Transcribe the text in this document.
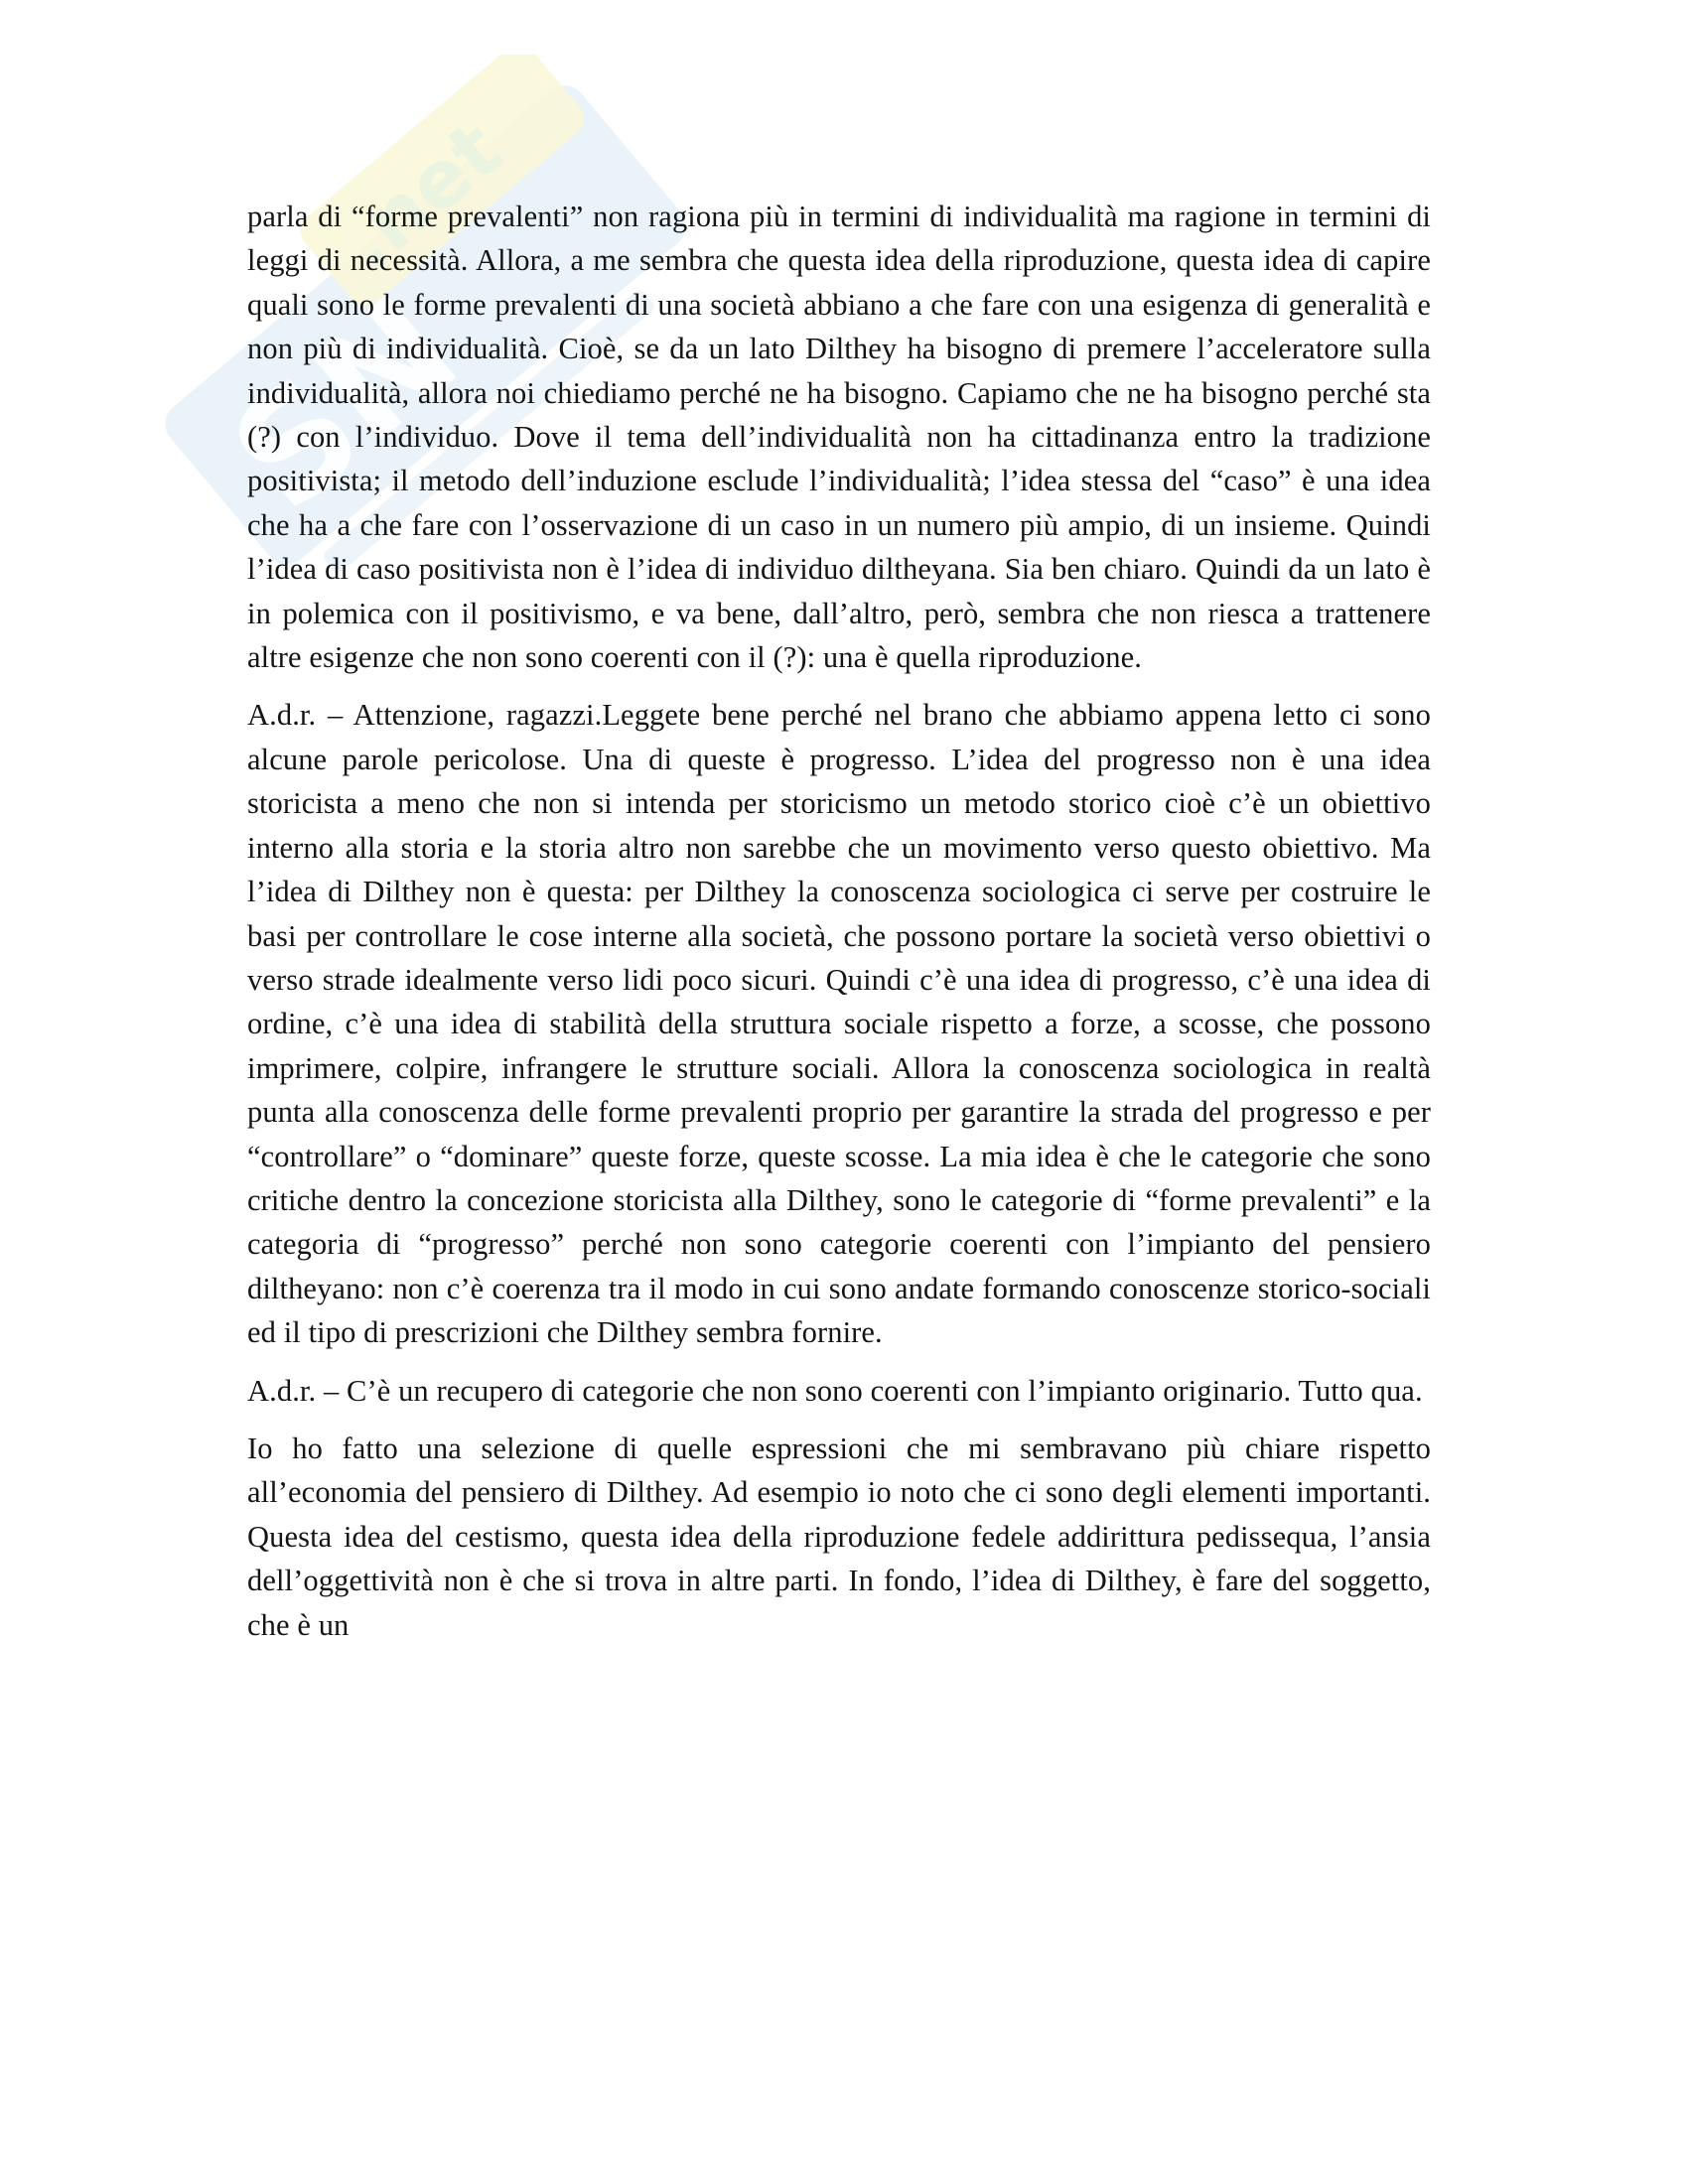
SN
.net

parla di “forme prevalenti” non ragiona più in termini di individualità ma ragione in termini di leggi di necessità. Allora, a me sembra che questa idea della riproduzione, questa idea di capire quali sono le forme prevalenti di una società abbiano a che fare con una esigenza di generalità e non più di individualità. Cioè, se da un lato Dilthey ha bisogno di premere l’acceleratore sulla individualità, allora noi chiediamo perché ne ha bisogno. Capiamo che ne ha bisogno perché sta (?) con l’individuo. Dove il tema dell’individualità non ha cittadinanza entro la tradizione positivista; il metodo dell’induzione esclude l’individualità; l’idea stessa del “caso” è una idea che ha a che fare con l’osservazione di un caso in un numero più ampio, di un insieme. Quindi l’idea di caso positivista non è l’idea di individuo diltheyana. Sia ben chiaro. Quindi da un lato è in polemica con il positivismo, e va bene, dall’altro, però, sembra che non riesca a trattenere altre esigenze che non sono coerenti con il (?): una è quella riproduzione.

A.d.r. – Attenzione, ragazzi.Leggete bene perché nel brano che abbiamo appena letto ci sono alcune parole pericolose. Una di queste è progresso. L’idea del progresso non è una idea storicista a meno che non si intenda per storicismo un metodo storico cioè c’è un obiettivo interno alla storia e la storia altro non sarebbe che un movimento verso questo obiettivo. Ma l’idea di Dilthey non è questa: per Dilthey la conoscenza sociologica ci serve per costruire le basi per controllare le cose interne alla società, che possono portare la società verso obiettivi o verso strade idealmente verso lidi poco sicuri. Quindi c’è una idea di progresso, c’è una idea di ordine, c’è una idea di stabilità della struttura sociale rispetto a forze, a scosse, che possono imprimere, colpire, infrangere le strutture sociali. Allora la conoscenza sociologica in realtà punta alla conoscenza delle forme prevalenti proprio per garantire la strada del progresso e per “controllare” o “dominare” queste forze, queste scosse. La mia idea è che le categorie che sono critiche dentro la concezione storicista alla Dilthey, sono le categorie di “forme prevalenti” e la categoria di “progresso” perché non sono categorie coerenti con l’impianto del pensiero diltheyano: non c’è coerenza tra il modo in cui sono andate formando conoscenze storico-sociali ed il tipo di prescrizioni che Dilthey sembra fornire.

A.d.r. – C’è un recupero di categorie che non sono coerenti con l’impianto originario. Tutto qua.

Io ho fatto una selezione di quelle espressioni che mi sembravano più chiare rispetto all’economia del pensiero di Dilthey. Ad esempio io noto che ci sono degli elementi importanti. Questa idea del cestismo, questa idea della riproduzione fedele addirittura pedissequa, l’ansia dell’oggettività non è che si trova in altre parti. In fondo, l’idea di Dilthey, è fare del soggetto, che è un
